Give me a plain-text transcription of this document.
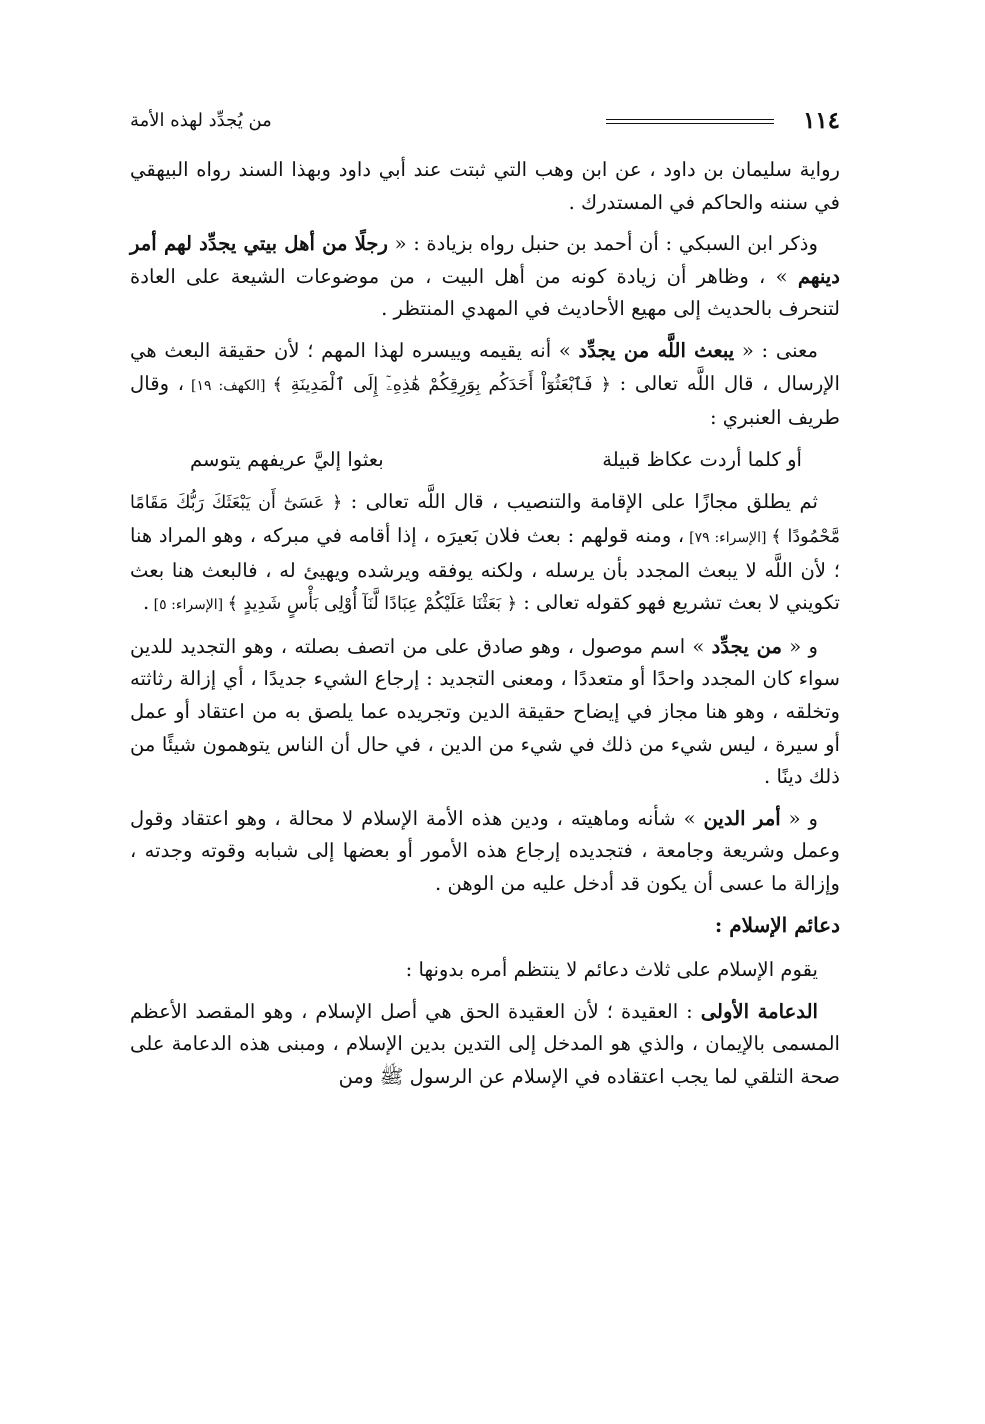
١١٤
من يُجدِّد لهذه الأمة

رواية سليمان بن داود ، عن ابن وهب التي ثبتت عند أبي داود وبهذا السند رواه البيهقي في سننه والحاكم في المستدرك .

وذكر ابن السبكي : أن أحمد بن حنبل رواه بزيادة : « رجلًا من أهل بيتي يجدِّد لهم أمر دينهم » ، وظاهر أن زيادة كونه من أهل البيت ، من موضوعات الشيعة على العادة لتنحرف بالحديث إلى مهيع الأحاديث في المهدي المنتظر .

معنى : « يبعث اللَّه من يجدِّد » أنه يقيمه وييسره لهذا المهم ؛ لأن حقيقة البعث هي الإرسال ، قال اللَّه تعالى : ﴿ فَٱبْعَثُوٓاْ أَحَدَكُم بِوَرِقِكُمْ هَٰذِهِۦٓ إِلَى ٱلْمَدِينَةِ ﴾ [الكهف: ١٩] ، وقال طريف العنبري :

أو كلما أردت عكاظ قبيلة
بعثوا إليَّ عريفهم يتوسم

ثم يطلق مجازًا على الإقامة والتنصيب ، قال اللَّه تعالى : ﴿ عَسَىٰٓ أَن يَبْعَثَكَ رَبُّكَ مَقَامًا مَّحْمُودًا ﴾ [الإسراء: ٧٩] ، ومنه قولهم : بعث فلان بَعيرَه ، إذا أقامه في مبركه ، وهو المراد هنا ؛ لأن اللَّه لا يبعث المجدد بأن يرسله ، ولكنه يوفقه ويرشده ويهيئ له ، فالبعث هنا بعث تكويني لا بعث تشريع فهو كقوله تعالى : ﴿ بَعَثْنَا عَلَيْكُمْ عِبَادًا لَّنَآ أُوْلِى بَأْسٍ شَدِيدٍ ﴾ [الإسراء: ٥] .

و « من يجدِّد » اسم موصول ، وهو صادق على من اتصف بصلته ، وهو التجديد للدين سواء كان المجدد واحدًا أو متعددًا ، ومعنى التجديد : إرجاع الشيء جديدًا ، أي إزالة رثاثته وتخلقه ، وهو هنا مجاز في إيضاح حقيقة الدين وتجريده عما يلصق به من اعتقاد أو عمل أو سيرة ، ليس شيء من ذلك في شيء من الدين ، في حال أن الناس يتوهمون شيئًا من ذلك دينًا .

و « أمر الدين » شأنه وماهيته ، ودين هذه الأمة الإسلام لا محالة ، وهو اعتقاد وقول وعمل وشريعة وجامعة ، فتجديده إرجاع هذه الأمور أو بعضها إلى شبابه وقوته وجدته ، وإزالة ما عسى أن يكون قد أدخل عليه من الوهن .

دعائم الإسلام :

يقوم الإسلام على ثلاث دعائم لا ينتظم أمره بدونها :

الدعامة الأولى : العقيدة ؛ لأن العقيدة الحق هي أصل الإسلام ، وهو المقصد الأعظم المسمى بالإيمان ، والذي هو المدخل إلى التدين بدين الإسلام ، ومبنى هذه الدعامة على صحة التلقي لما يجب اعتقاده في الإسلام عن الرسول ﷺ ومن
